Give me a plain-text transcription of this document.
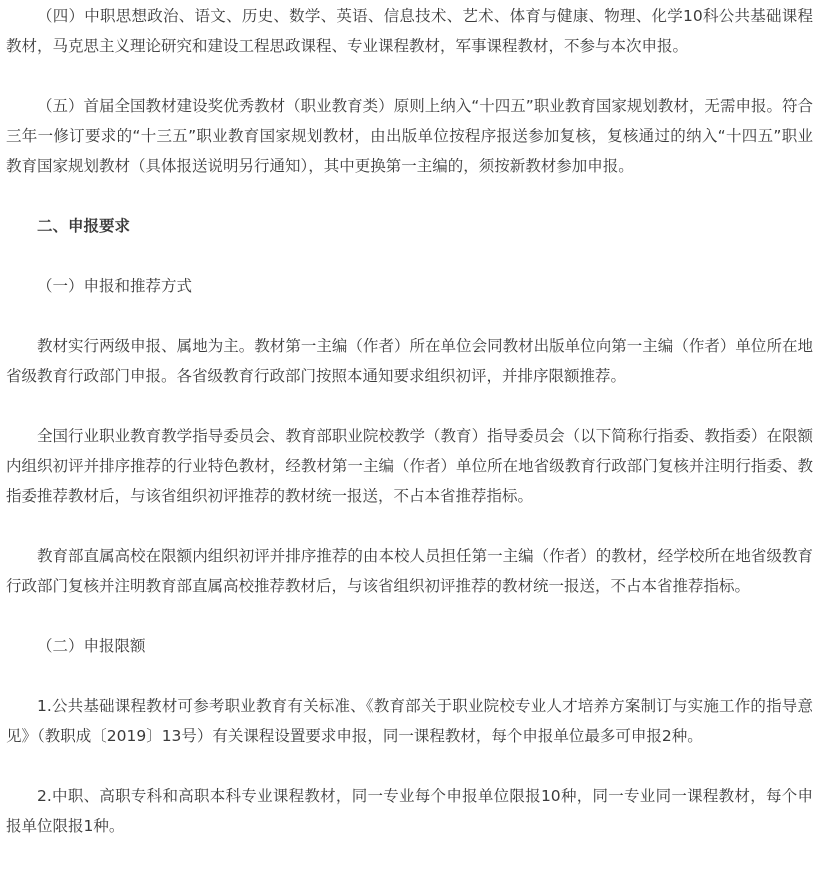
（四）中职思想政治、语文、历史、数学、英语、信息技术、艺术、体育与健康、物理、化学10科公共基础课程教材，马克思主义理论研究和建设工程思政课程、专业课程教材，军事课程教材，不参与本次申报。

（五）首届全国教材建设奖优秀教材（职业教育类）原则上纳入“十四五”职业教育国家规划教材，无需申报。符合三年一修订要求的“十三五”职业教育国家规划教材，由出版单位按程序报送参加复核，复核通过的纳入“十四五”职业教育国家规划教材（具体报送说明另行通知），其中更换第一主编的，须按新教材参加申报。

二、申报要求

（一）申报和推荐方式

教材实行两级申报、属地为主。教材第一主编（作者）所在单位会同教材出版单位向第一主编（作者）单位所在地省级教育行政部门申报。各省级教育行政部门按照本通知要求组织初评，并排序限额推荐。

全国行业职业教育教学指导委员会、教育部职业院校教学（教育）指导委员会（以下简称行指委、教指委）在限额内组织初评并排序推荐的行业特色教材，经教材第一主编（作者）单位所在地省级教育行政部门复核并注明行指委、教指委推荐教材后，与该省组织初评推荐的教材统一报送，不占本省推荐指标。

教育部直属高校在限额内组织初评并排序推荐的由本校人员担任第一主编（作者）的教材，经学校所在地省级教育行政部门复核并注明教育部直属高校推荐教材后，与该省组织初评推荐的教材统一报送，不占本省推荐指标。

（二）申报限额

1.公共基础课程教材可参考职业教育有关标准、《教育部关于职业院校专业人才培养方案制订与实施工作的指导意见》（教职成〔2019〕13号）有关课程设置要求申报，同一课程教材，每个申报单位最多可申报2种。

2.中职、高职专科和高职本科专业课程教材，同一专业每个申报单位限报10种，同一专业同一课程教材，每个申报单位限报1种。
